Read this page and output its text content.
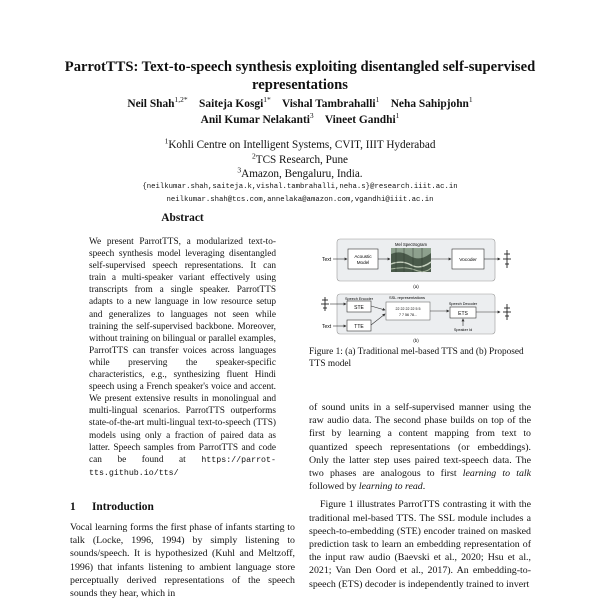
ParrotTTS: Text-to-speech synthesis exploiting disentangled self-supervised representations
Neil Shah$^{1,2*}$ Saiteja Kosgi$^{1*}$ Vishal Tambrahalli$^1$ Neha Sahipjohn$^1$
Anil Kumar Nelakanti$^3$ Vineet Gandhi$^1$
$^1$Kohli Centre on Intelligent Systems, CVIT, IIIT Hyderabad
$^2$TCS Research, Pune
$^3$Amazon, Bengaluru, India.
{neilkumar.shah,saiteja.k,vishal.tambrahalli,neha.s}@research.iiit.ac.in
neilkumar.shah@tcs.com,annelaka@amazon.com,vgandhi@iiit.ac.in
Abstract
We present ParrotTTS, a modularized text-to-speech synthesis model leveraging disentangled self-supervised speech representations. It can train a multi-speaker variant effectively using transcripts from a single speaker. ParrotTTS adapts to a new language in low resource setup and generalizes to languages not seen while training the self-supervised backbone. Moreover, without training on bilingual or parallel examples, ParrotTTS can transfer voices across languages while preserving the speaker-specific characteristics, e.g., synthesizing fluent Hindi speech using a French speaker's voice and accent. We present extensive results in monolingual and multi-lingual scenarios. ParrotTTS outperforms state-of-the-art multi-lingual text-to-speech (TTS) models using only a fraction of paired data as latter. Speech samples from ParrotTTS and code can be found at https://parrot-tts.github.io/tts/
1 Introduction
Vocal learning forms the first phase of infants starting to talk (Locke, 1996, 1994) by simply listening to sounds/speech. It is hypothesized (Kuhl and Meltzoff, 1996) that infants listening to ambient language store perceptually derived representations of the speech sounds they hear, which in
Text
Acoustic
Model
Mel Spectrogram
Vocoder
(a)
Speech Encoder
STE
Text	TTE
SSL representations
22 22 22 22 5 5
7 7 56 78...
Speech Decoder
ETS
Speaker Id
(b)
Figure 1: (a) Traditional mel-based TTS and (b) Proposed TTS model

of sound units in a self-supervised manner using the raw audio data. The second phase builds on top of the first by learning a content mapping from text to quantized speech representations (or embeddings). Only the latter step uses paired text-speech data. The two phases are analogous to first learning to talk followed by learning to read.

Figure 1 illustrates ParrotTTS contrasting it with the traditional mel-based TTS. The SSL module includes a speech-to-embedding (STE) encoder trained on masked prediction task to learn an embedding representation of the input raw audio (Baevski et al., 2020; Hsu et al., 2021; Van Den Oord et al., 2017). An embedding-to-speech (ETS) decoder is independently trained to invert
